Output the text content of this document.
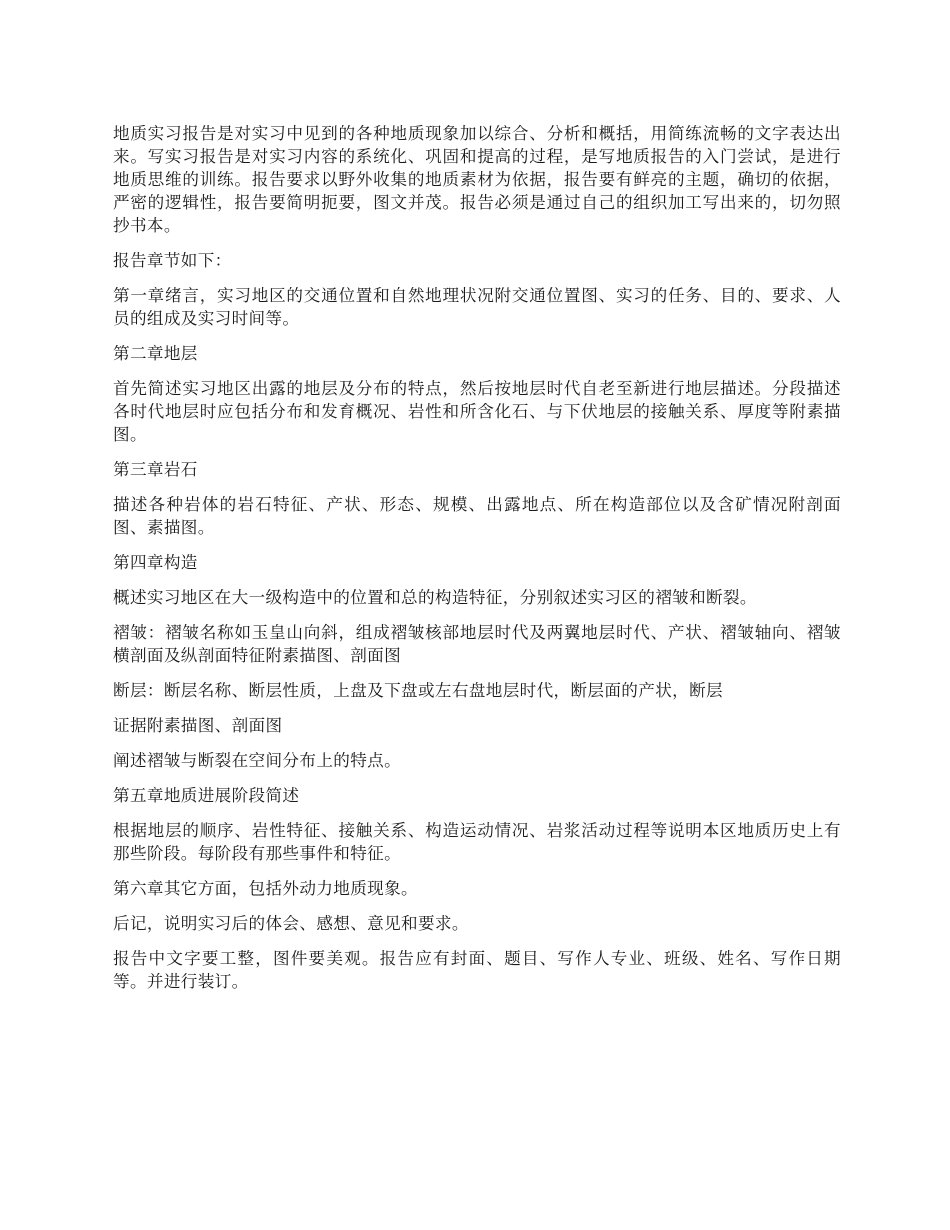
地质实习报告是对实习中见到的各种地质现象加以综合、分析和概括，用简练流畅的文字表达出来。写实习报告是对实习内容的系统化、巩固和提高的过程，是写地质报告的入门尝试，是进行地质思维的训练。报告要求以野外收集的地质素材为依据，报告要有鲜亮的主题，确切的依据，严密的逻辑性，报告要简明扼要，图文并茂。报告必须是通过自己的组织加工写出来的，切勿照抄书本。

报告章节如下：

第一章绪言，实习地区的交通位置和自然地理状况附交通位置图、实习的任务、目的、要求、人员的组成及实习时间等。

第二章地层

首先简述实习地区出露的地层及分布的特点，然后按地层时代自老至新进行地层描述。分段描述各时代地层时应包括分布和发育概况、岩性和所含化石、与下伏地层的接触关系、厚度等附素描图。

第三章岩石

描述各种岩体的岩石特征、产状、形态、规模、出露地点、所在构造部位以及含矿情况附剖面图、素描图。

第四章构造

概述实习地区在大一级构造中的位置和总的构造特征，分别叙述实习区的褶皱和断裂。

褶皱：褶皱名称如玉皇山向斜，组成褶皱核部地层时代及两翼地层时代、产状、褶皱轴向、褶皱横剖面及纵剖面特征附素描图、剖面图

断层：断层名称、断层性质，上盘及下盘或左右盘地层时代，断层面的产状，断层

证据附素描图、剖面图

阐述褶皱与断裂在空间分布上的特点。

第五章地质进展阶段简述

根据地层的顺序、岩性特征、接触关系、构造运动情况、岩浆活动过程等说明本区地质历史上有那些阶段。每阶段有那些事件和特征。

第六章其它方面，包括外动力地质现象。

后记，说明实习后的体会、感想、意见和要求。

报告中文字要工整，图件要美观。报告应有封面、题目、写作人专业、班级、姓名、写作日期等。并进行装订。
